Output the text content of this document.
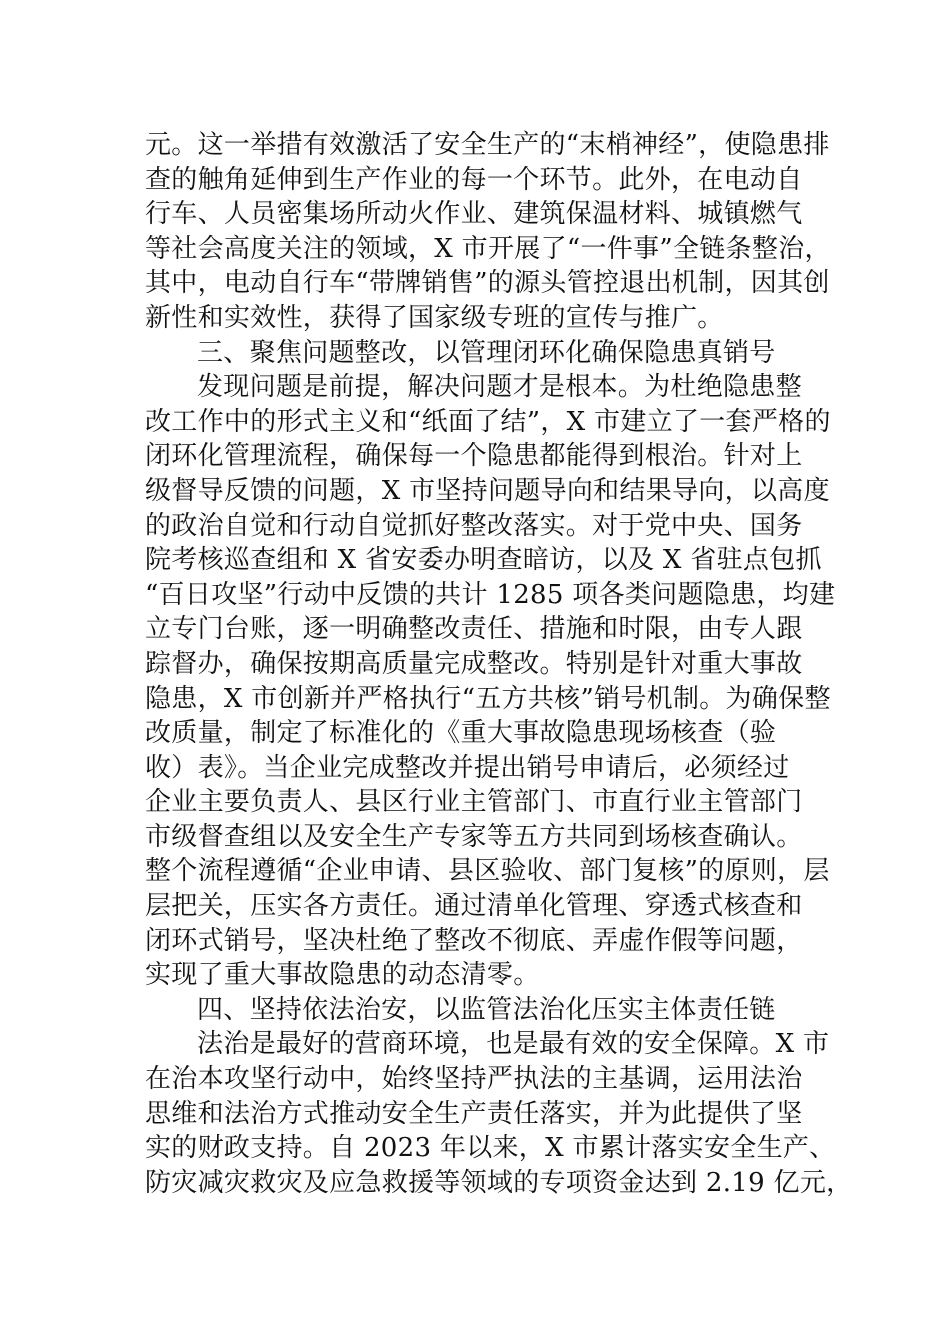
元。这一举措有效激活了安全生产的“末梢神经”，使隐患排
查的触角延伸到生产作业的每一个环节。此外，在电动自
行车、人员密集场所动火作业、建筑保温材料、城镇燃气
等社会高度关注的领域，X 市开展了“一件事”全链条整治，
其中，电动自行车“带牌销售”的源头管控退出机制，因其创
新性和实效性，获得了国家级专班的宣传与推广。
三、聚焦问题整改，以管理闭环化确保隐患真销号
发现问题是前提，解决问题才是根本。为杜绝隐患整
改工作中的形式主义和“纸面了结”，X 市建立了一套严格的
闭环化管理流程，确保每一个隐患都能得到根治。针对上
级督导反馈的问题，X 市坚持问题导向和结果导向，以高度
的政治自觉和行动自觉抓好整改落实。对于党中央、国务
院考核巡查组和 X 省安委办明查暗访，以及 X 省驻点包抓
“百日攻坚”行动中反馈的共计 1285 项各类问题隐患，均建
立专门台账，逐一明确整改责任、措施和时限，由专人跟
踪督办，确保按期高质量完成整改。特别是针对重大事故
隐患，X 市创新并严格执行“五方共核”销号机制。为确保整
改质量，制定了标准化的《重大事故隐患现场核查（验
收）表》。当企业完成整改并提出销号申请后，必须经过
企业主要负责人、县区行业主管部门、市直行业主管部门
市级督查组以及安全生产专家等五方共同到场核查确认。
整个流程遵循“企业申请、县区验收、部门复核”的原则，层
层把关，压实各方责任。通过清单化管理、穿透式核查和
闭环式销号，坚决杜绝了整改不彻底、弄虚作假等问题，
实现了重大事故隐患的动态清零。
四、坚持依法治安，以监管法治化压实主体责任链
法治是最好的营商环境，也是最有效的安全保障。X 市
在治本攻坚行动中，始终坚持严执法的主基调，运用法治
思维和法治方式推动安全生产责任落实，并为此提供了坚
实的财政支持。自 2023 年以来，X 市累计落实安全生产、
防灾减灾救灾及应急救援等领域的专项资金达到 2.19 亿元，
